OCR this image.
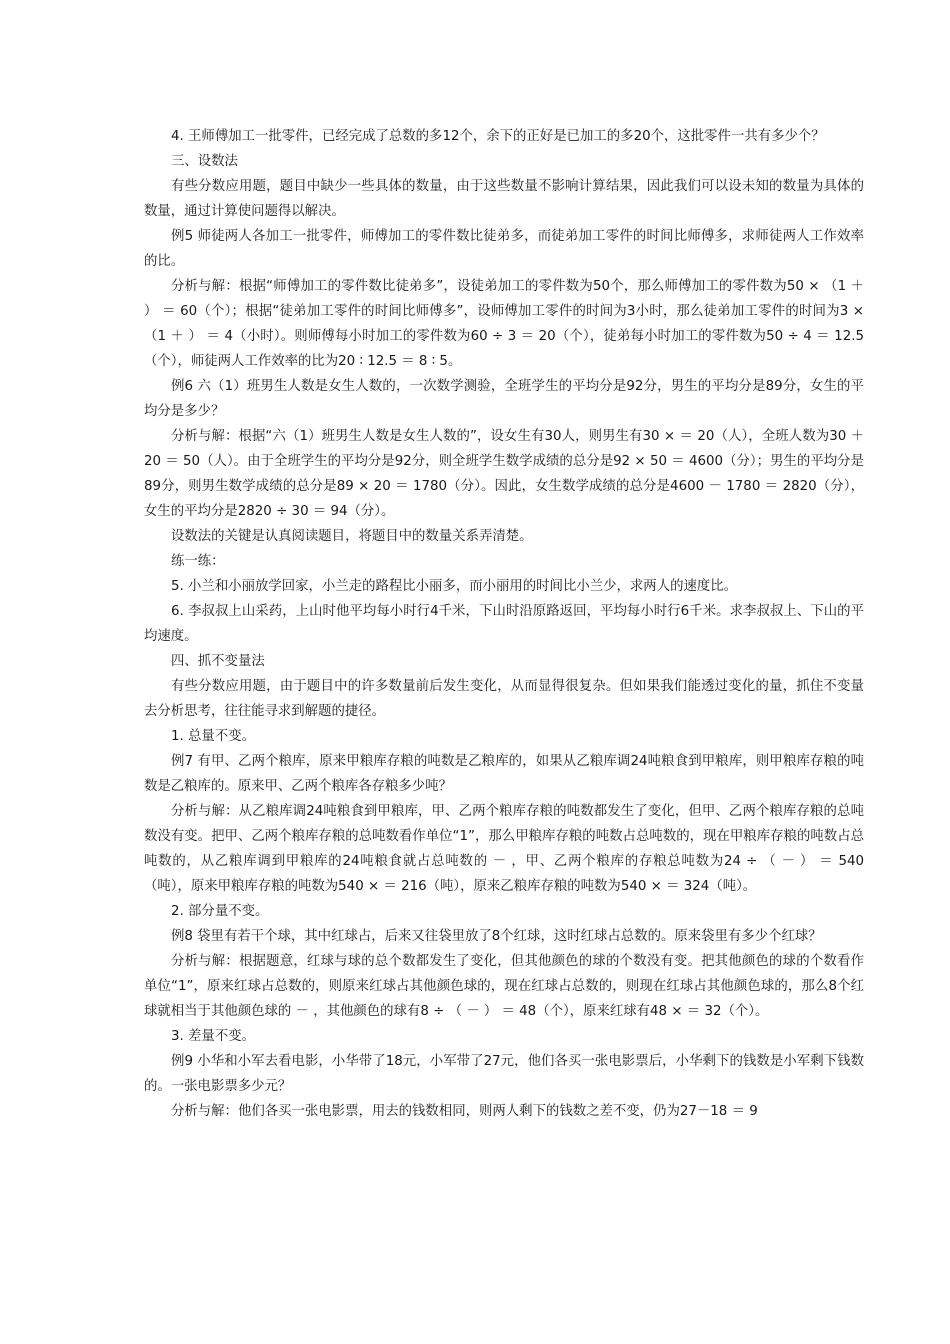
4. 王师傅加工一批零件，已经完成了总数的多12个，余下的正好是已加工的多20个，这批零件一共有多少个？

三、设数法

有些分数应用题，题目中缺少一些具体的数量，由于这些数量不影响计算结果，因此我们可以设未知的数量为具体的数量，通过计算使问题得以解决。

例5 师徒两人各加工一批零件，师傅加工的零件数比徒弟多，而徒弟加工零件的时间比师傅多，求师徒两人工作效率的比。

分析与解：根据“师傅加工的零件数比徒弟多”，设徒弟加工的零件数为50个，那么师傅加工的零件数为50 × （1 ＋ ） ＝ 60（个）；根据“徒弟加工零件的时间比师傅多”，设师傅加工零件的时间为3小时，那么徒弟加工零件的时间为3 × （1 ＋ ） ＝ 4（小时）。则师傅每小时加工的零件数为60 ÷ 3 ＝ 20（个），徒弟每小时加工的零件数为50 ÷ 4 ＝ 12.5（个），师徒两人工作效率的比为20 ∶ 12.5 ＝ 8 ∶ 5。

例6 六（1）班男生人数是女生人数的，一次数学测验，全班学生的平均分是92分，男生的平均分是89分，女生的平均分是多少？

分析与解：根据“六（1）班男生人数是女生人数的”，设女生有30人，则男生有30 × ＝ 20（人），全班人数为30 ＋ 20 ＝ 50（人）。由于全班学生的平均分是92分，则全班学生数学成绩的总分是92 × 50 ＝ 4600（分）；男生的平均分是89分，则男生数学成绩的总分是89 × 20 ＝ 1780（分）。因此，女生数学成绩的总分是4600 － 1780 ＝ 2820（分），女生的平均分是2820 ÷ 30 ＝ 94（分）。

设数法的关键是认真阅读题目，将题目中的数量关系弄清楚。

练一练：

5. 小兰和小丽放学回家，小兰走的路程比小丽多，而小丽用的时间比小兰少，求两人的速度比。

6. 李叔叔上山采药，上山时他平均每小时行4千米，下山时沿原路返回，平均每小时行6千米。求李叔叔上、下山的平均速度。

四、抓不变量法

有些分数应用题，由于题目中的许多数量前后发生变化，从而显得很复杂。但如果我们能透过变化的量，抓住不变量去分析思考，往往能寻求到解题的捷径。

1. 总量不变。

例7 有甲、乙两个粮库，原来甲粮库存粮的吨数是乙粮库的，如果从乙粮库调24吨粮食到甲粮库，则甲粮库存粮的吨数是乙粮库的。原来甲、乙两个粮库各存粮多少吨？

分析与解：从乙粮库调24吨粮食到甲粮库，甲、乙两个粮库存粮的吨数都发生了变化，但甲、乙两个粮库存粮的总吨数没有变。把甲、乙两个粮库存粮的总吨数看作单位“1”，那么甲粮库存粮的吨数占总吨数的，现在甲粮库存粮的吨数占总吨数的，从乙粮库调到甲粮库的24吨粮食就占总吨数的 － ，甲、乙两个粮库的存粮总吨数为24 ÷ （ － ） ＝ 540（吨），原来甲粮库存粮的吨数为540 × ＝ 216（吨），原来乙粮库存粮的吨数为540 × ＝ 324（吨）。

2. 部分量不变。

例8 袋里有若干个球，其中红球占，后来又往袋里放了8个红球，这时红球占总数的。原来袋里有多少个红球？

分析与解：根据题意，红球与球的总个数都发生了变化，但其他颜色的球的个数没有变。把其他颜色的球的个数看作单位“1”，原来红球占总数的，则原来红球占其他颜色球的，现在红球占总数的，则现在红球占其他颜色球的，那么8个红球就相当于其他颜色球的 － ，其他颜色的球有8 ÷ （ － ） ＝ 48（个），原来红球有48 × ＝ 32（个）。

3. 差量不变。

例9 小华和小军去看电影，小华带了18元，小军带了27元，他们各买一张电影票后，小华剩下的钱数是小军剩下钱数的。一张电影票多少元？

分析与解：他们各买一张电影票，用去的钱数相同，则两人剩下的钱数之差不变，仍为27－18 ＝ 9
